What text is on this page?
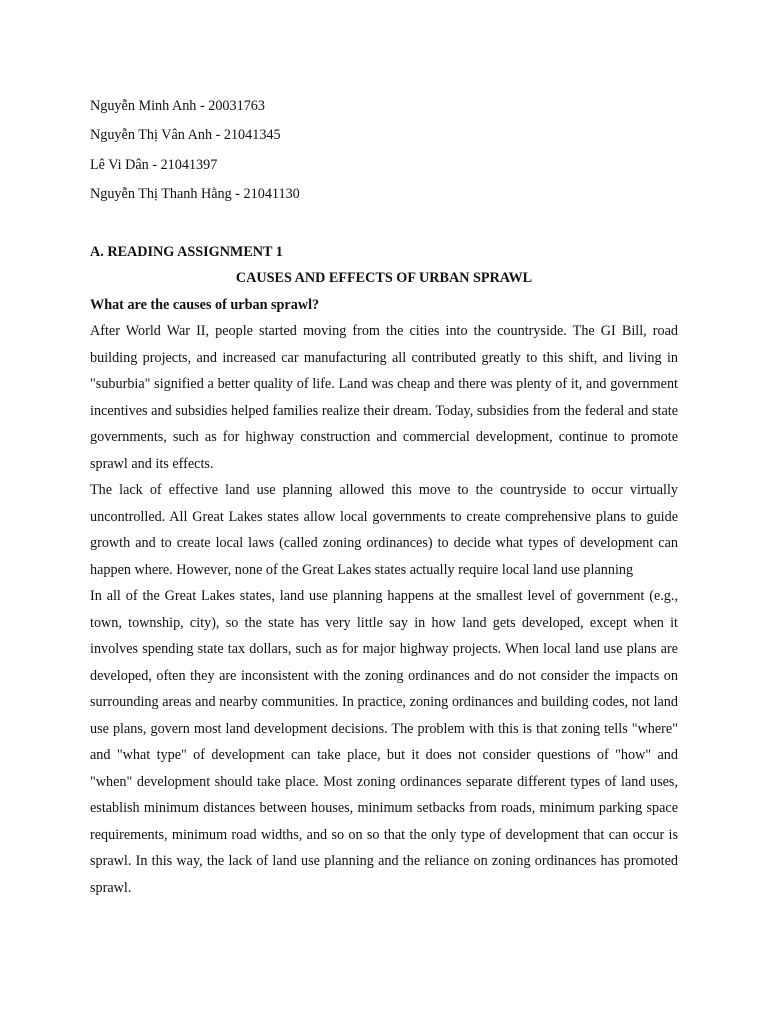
Nguyễn Minh Anh - 20031763
Nguyễn Thị Vân Anh - 21041345
Lê Vi Dân - 21041397
Nguyễn Thị Thanh Hằng - 21041130
A. READING ASSIGNMENT 1
CAUSES AND EFFECTS OF URBAN SPRAWL
What are the causes of urban sprawl?

After World War II, people started moving from the cities into the countryside. The GI Bill, road building projects, and increased car manufacturing all contributed greatly to this shift, and living in "suburbia" signified a better quality of life. Land was cheap and there was plenty of it, and government incentives and subsidies helped families realize their dream. Today, subsidies from the federal and state governments, such as for highway construction and commercial development, continue to promote sprawl and its effects.

The lack of effective land use planning allowed this move to the countryside to occur virtually uncontrolled. All Great Lakes states allow local governments to create comprehensive plans to guide growth and to create local laws (called zoning ordinances) to decide what types of development can happen where. However, none of the Great Lakes states actually require local land use planning

In all of the Great Lakes states, land use planning happens at the smallest level of government (e.g., town, township, city), so the state has very little say in how land gets developed, except when it involves spending state tax dollars, such as for major highway projects. When local land use plans are developed, often they are inconsistent with the zoning ordinances and do not consider the impacts on surrounding areas and nearby communities. In practice, zoning ordinances and building codes, not land use plans, govern most land development decisions. The problem with this is that zoning tells "where" and "what type" of development can take place, but it does not consider questions of "how" and "when" development should take place. Most zoning ordinances separate different types of land uses, establish minimum distances between houses, minimum setbacks from roads, minimum parking space requirements, minimum road widths, and so on so that the only type of development that can occur is sprawl. In this way, the lack of land use planning and the reliance on zoning ordinances has promoted sprawl.
